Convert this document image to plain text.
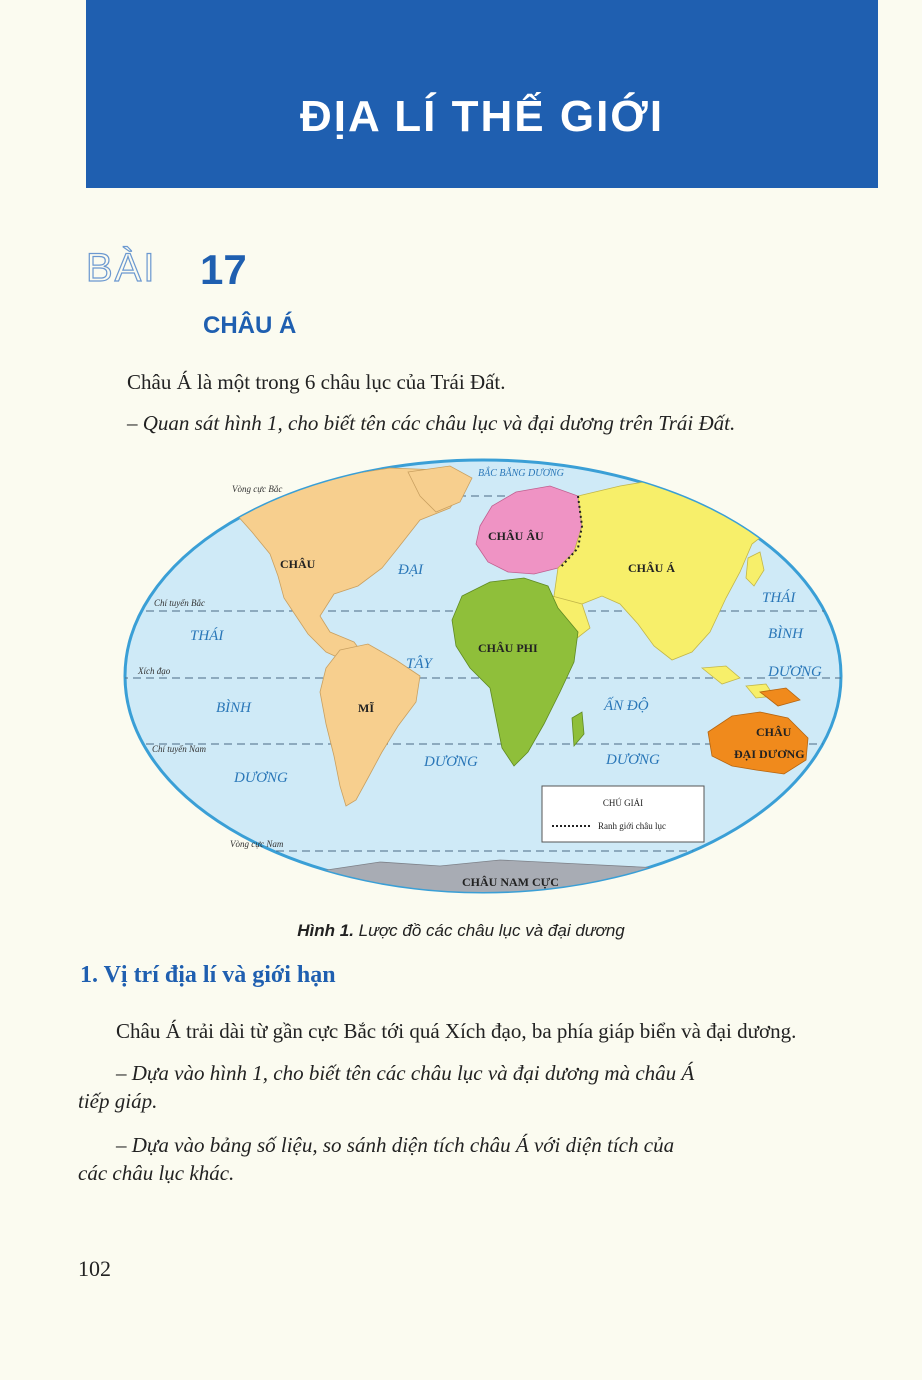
ĐỊA LÍ THẾ GIỚI
BÀI 17
CHÂU Á
Châu Á là một trong 6 châu lục của Trái Đất.
– Quan sát hình 1, cho biết tên các châu lục và đại dương trên Trái Đất.
Vòng cực Bắc
Chí tuyến Bắc
Xích đạo
Chí tuyến Nam
Vòng cực Nam
BẮC BĂNG DƯƠNG
THÁI
BÌNH
DƯƠNG
ĐẠI
TÂY
DƯƠNG
ẤN ĐỘ
DƯƠNG
THÁI
BÌNH
DƯƠNG
CHÂU
MĨ
CHÂU ÂU
CHÂU Á
CHÂU PHI
CHÂU
ĐẠI DƯƠNG
CHÂU NAM CỰC
CHÚ GIẢI
Ranh giới châu lục
Hình 1. Lược đồ các châu lục và đại dương
1. Vị trí địa lí và giới hạn
Châu Á trải dài từ gần cực Bắc tới quá Xích đạo, ba phía giáp biển và đại dương.
– Dựa vào hình 1, cho biết tên các châu lục và đại dương mà châu Á
tiếp giáp.
– Dựa vào bảng số liệu, so sánh diện tích châu Á với diện tích của
các châu lục khác.
102
